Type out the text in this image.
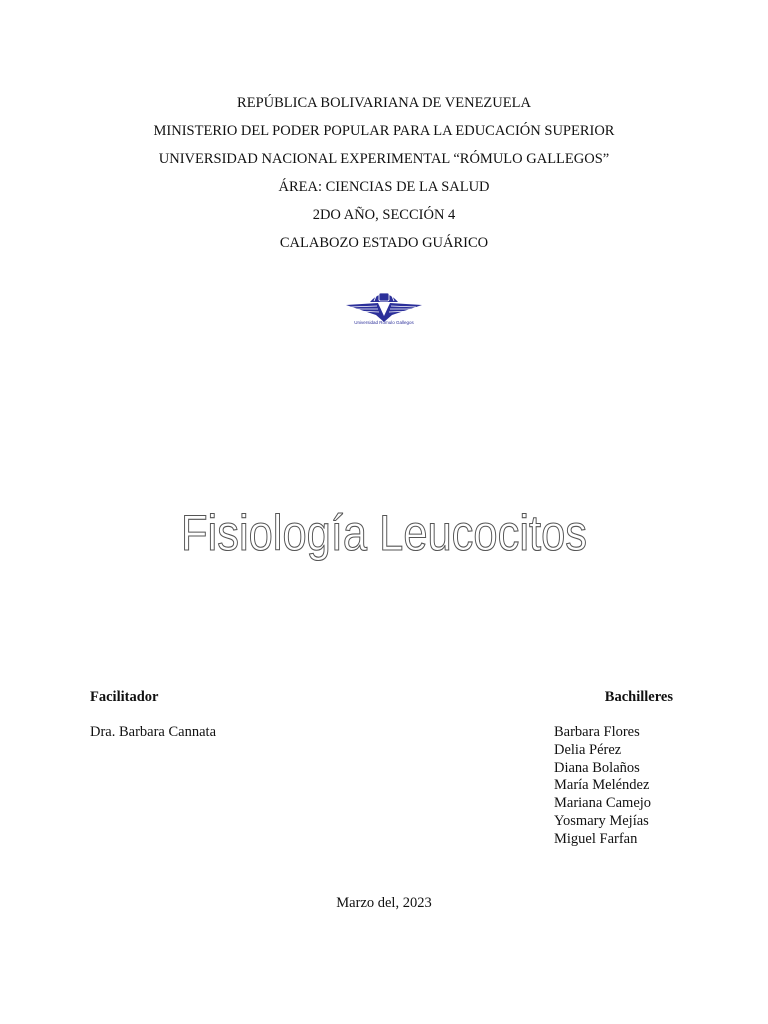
REPÚBLICA BOLIVARIANA DE VENEZUELA
MINISTERIO DEL PODER POPULAR PARA LA EDUCACIÓN SUPERIOR
UNIVERSIDAD NACIONAL EXPERIMENTAL “RÓMULO GALLEGOS”
ÁREA: CIENCIAS DE LA SALUD
2DO AÑO, SECCIÓN 4
CALABOZO ESTADO GUÁRICO
Universidad Rómulo Gallegos
Fisiología Leucocitos
Facilitador	Bachilleres
Dra. Barbara Cannata	Barbara Flores
Delia Pérez
Diana Bolaños
María Meléndez
Mariana Camejo
Yosmary Mejías
Miguel Farfan
Marzo del, 2023
